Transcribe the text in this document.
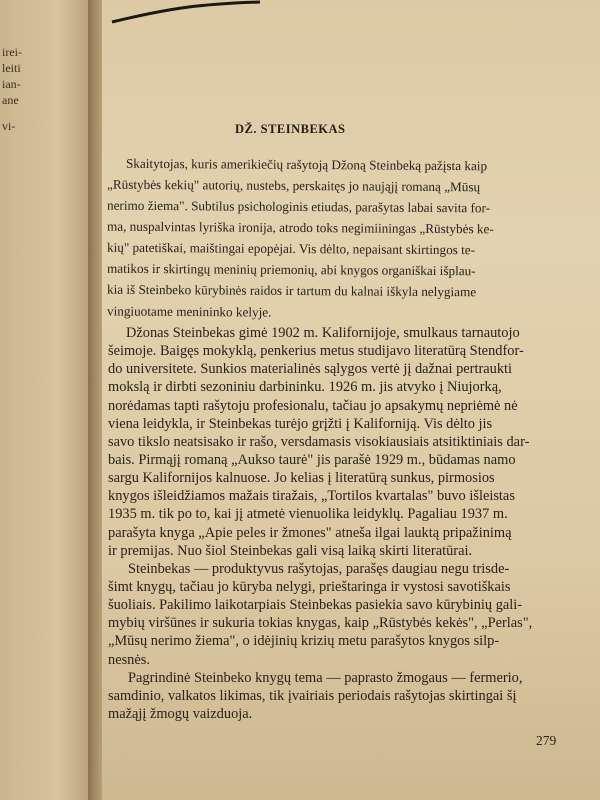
irei-
leiti
ian-
ane
vi-	DŽ. STEINBEKAS
Skaitytojas, kuris amerikiečių rašytoją Džoną Steinbeką pažįsta kaip
„Rūstybės kekių" autorių, nustebs, perskaitęs jo naująjį romaną „Mūsų
nerimo žiema". Subtilus psichologinis etiudas, parašytas labai savita for-
ma, nuspalvintas lyriška ironija, atrodo toks negimiiningas „Rūstybės ke-
kių" patetiškai, maištingai epopėjai. Vis dėlto, nepaisant skirtingos te-
matikos ir skirtingų meninių priemonių, abi knygos organiškai išplau-
kia iš Steinbeko kūrybinės raidos ir tartum du kalnai iškyla nelygiame
vingiuotame menininko kelyje.
Džonas Steinbekas gimė 1902 m. Kalifornijoje, smulkaus tarnautojo
šeimoje. Baigęs mokyklą, penkerius metus studijavo literatūrą Stendfor-
do universitete. Sunkios materialinės sąlygos vertė jį dažnai pertraukti
mokslą ir dirbti sezoniniu darbininku. 1926 m. jis atvyko į Niujorką,
norėdamas tapti rašytoju profesionalu, tačiau jo apsakymų nepriėmė nė
viena leidykla, ir Steinbekas turėjo grįžti į Kaliforniją. Vis dėlto jis
savo tikslo neatsisako ir rašo, versdamasis visokiausiais atsitiktiniais dar-
bais. Pirmąjį romaną „Aukso taurė" jis parašė 1929 m., būdamas namo
sargu Kalifornijos kalnuose. Jo kelias į literatūrą sunkus, pirmosios
knygos išleidžiamos mažais tiražais, „Tortilos kvartalas" buvo išleistas
1935 m. tik po to, kai jį atmetė vienuolika leidyklų. Pagaliau 1937 m.
parašyta knyga „Apie peles ir žmones" atneša ilgai lauktą pripažinimą
ir premijas. Nuo šiol Steinbekas gali visą laiką skirti literatūrai.
Steinbekas — produktyvus rašytojas, parašęs daugiau negu trisde-
šimt knygų, tačiau jo kūryba nelygi, prieštaringa ir vystosi savotiškais
šuoliais. Pakilimo laikotarpiais Steinbekas pasiekia savo kūrybinių gali-
mybių viršūnes ir sukuria tokias knygas, kaip „Rūstybės kekės", „Perlas",
„Mūsų nerimo žiema", o idėjinių krizių metu parašytos knygos silp-
nesnės.
Pagrindinė Steinbeko knygų tema — paprasto žmogaus — fermerio,
samdinio, valkatos likimas, tik įvairiais periodais rašytojas skirtingai šį
mažąjį žmogų vaizduoja.
279
